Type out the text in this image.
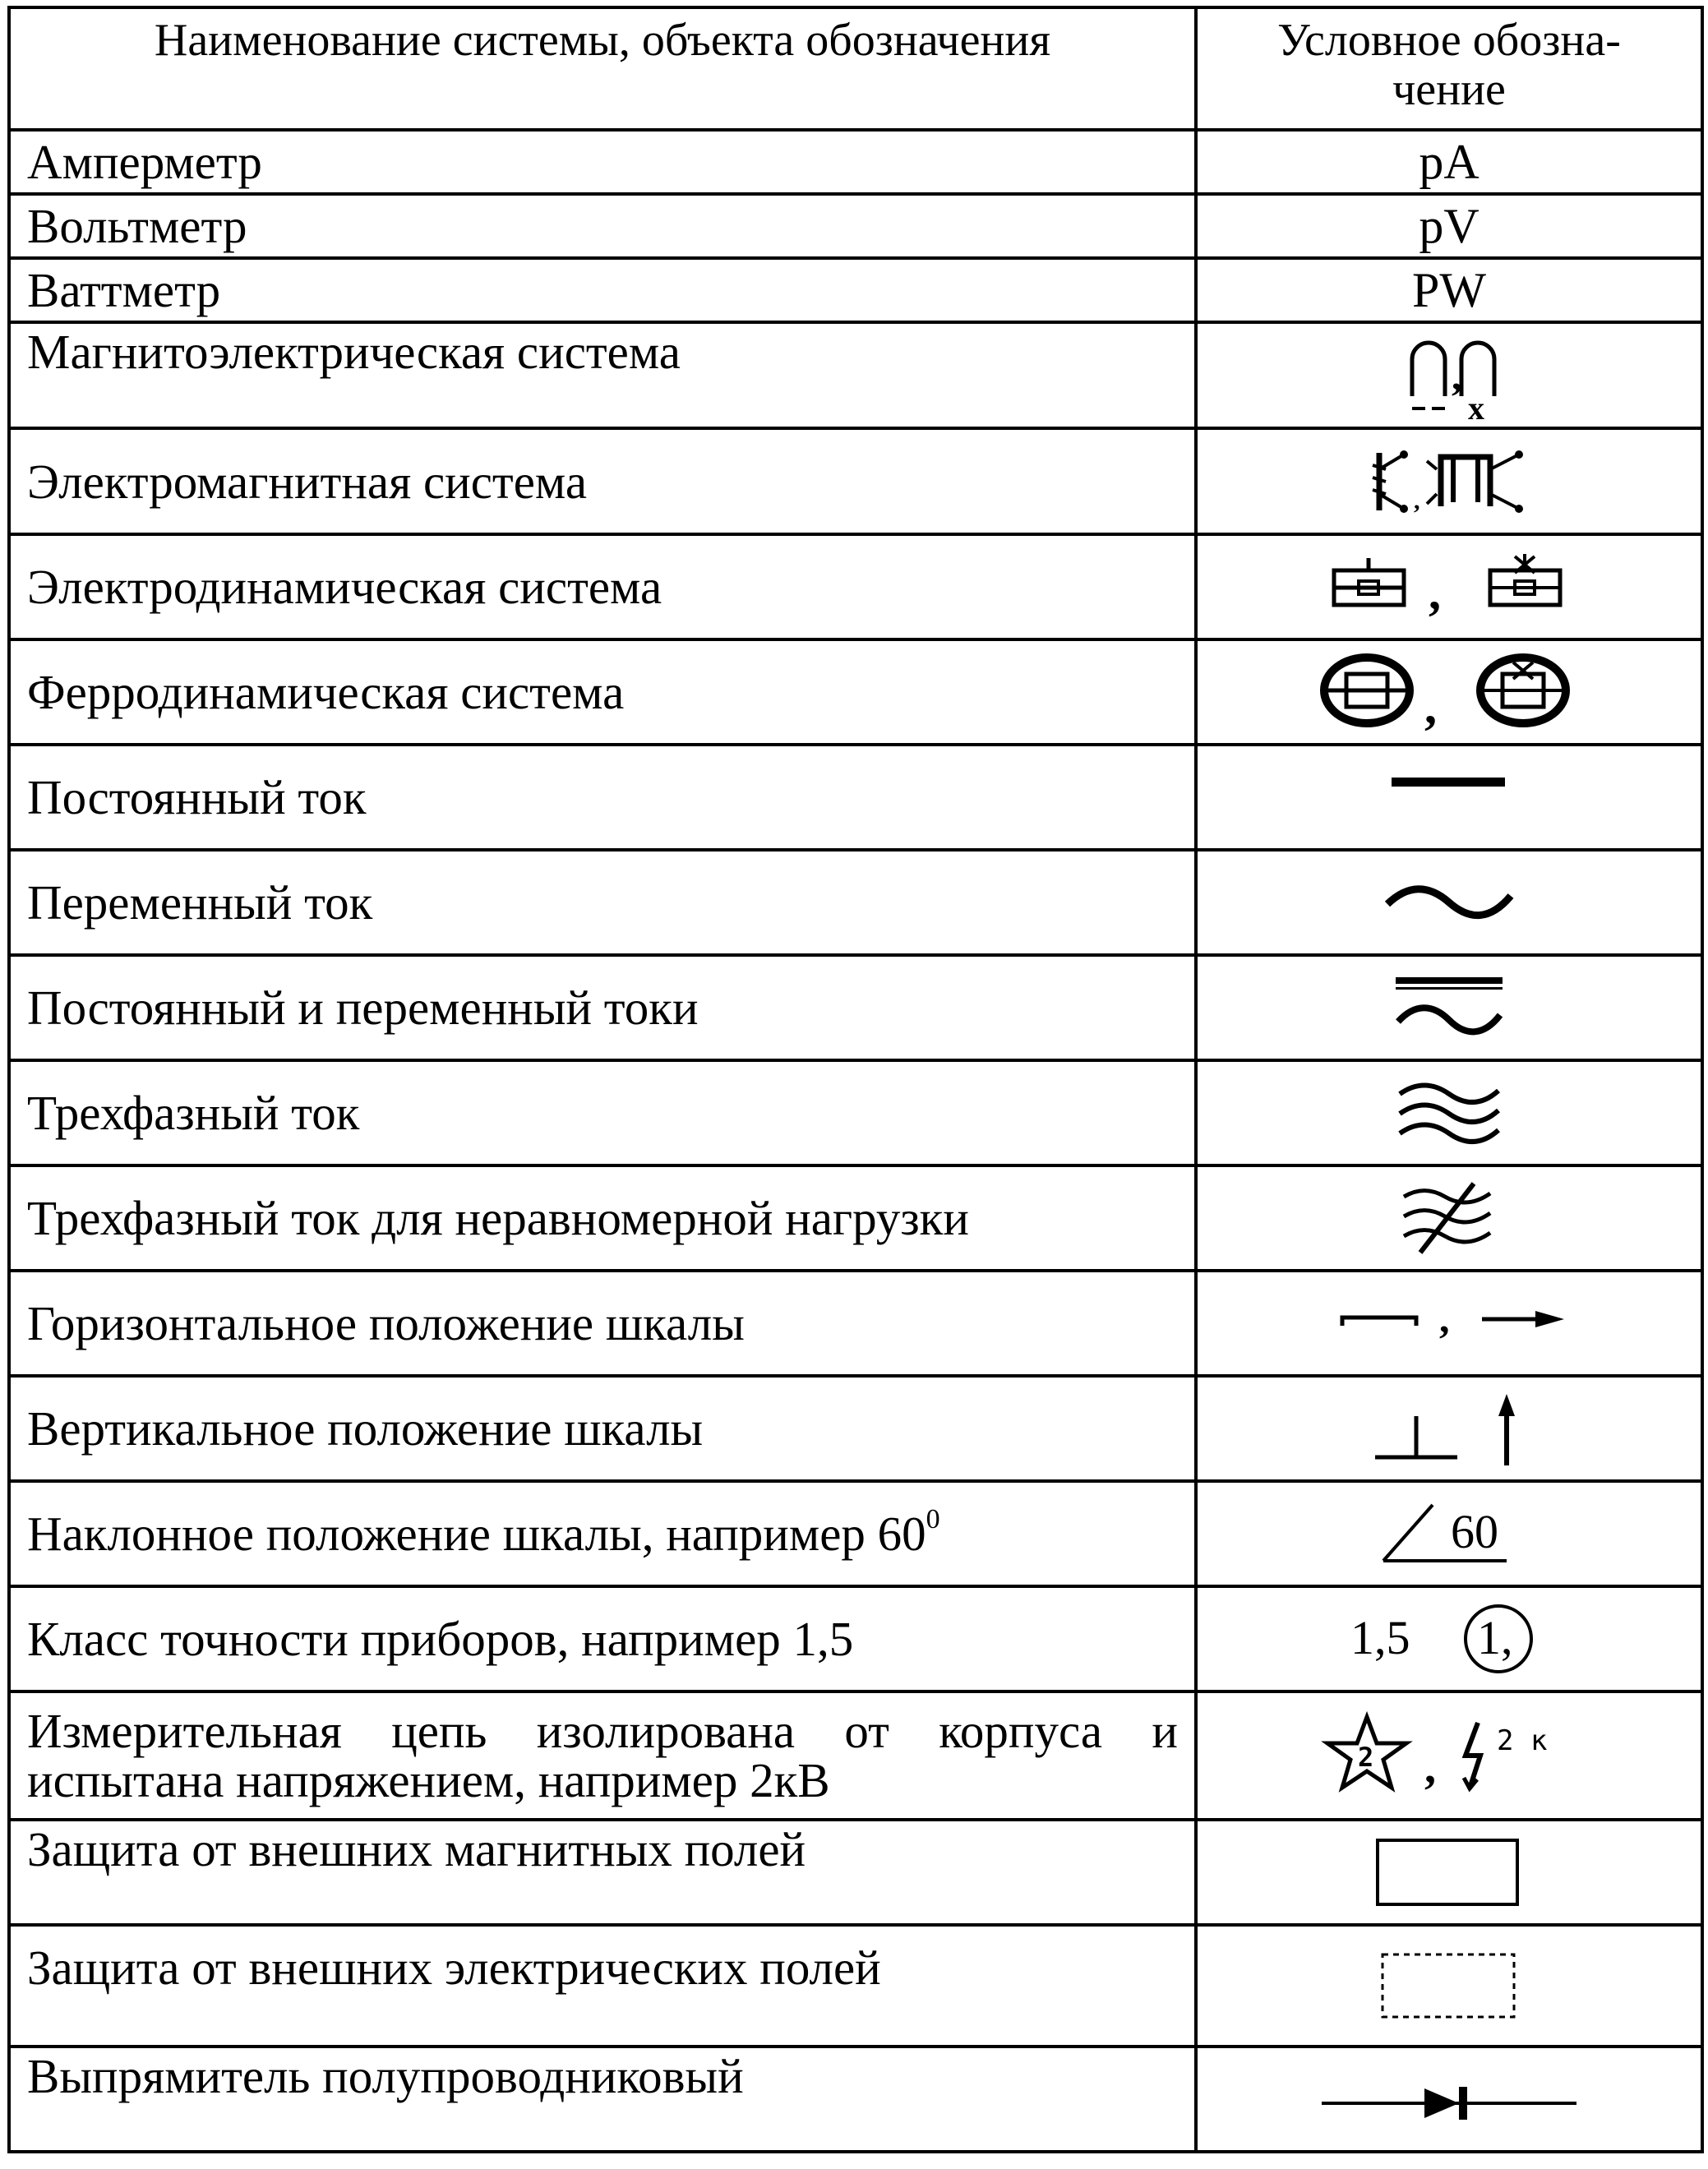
Наименование системы, объекта обозначения	Условное обозна-
чение
Амперметр	pA
Вольтметр	pV
Ваттметр	PW
Магнитоэлектрическая система	,
x

Электромагнитная система	,

Электродинамическая система	,

Ферродинамическая система	,

Постоянный ток	

Переменный ток	

Постоянный и переменный токи	

Трехфазный ток	

Трехфазный ток для неравномерной нагрузки	

Горизонтальное положение шкалы	,

Вертикальное положение шкалы	

Наклонное положение шкалы, например $60^0$	60

Класс точности приборов, например 1,5	1,5 1,

Измерительная цепь изолирована от корпуса и испытана напряжением, например 2кВ	2 ,
2 к

Защита от внешних магнитных полей	

Защита от внешних электрических полей	

Выпрямитель полупроводниковый	
